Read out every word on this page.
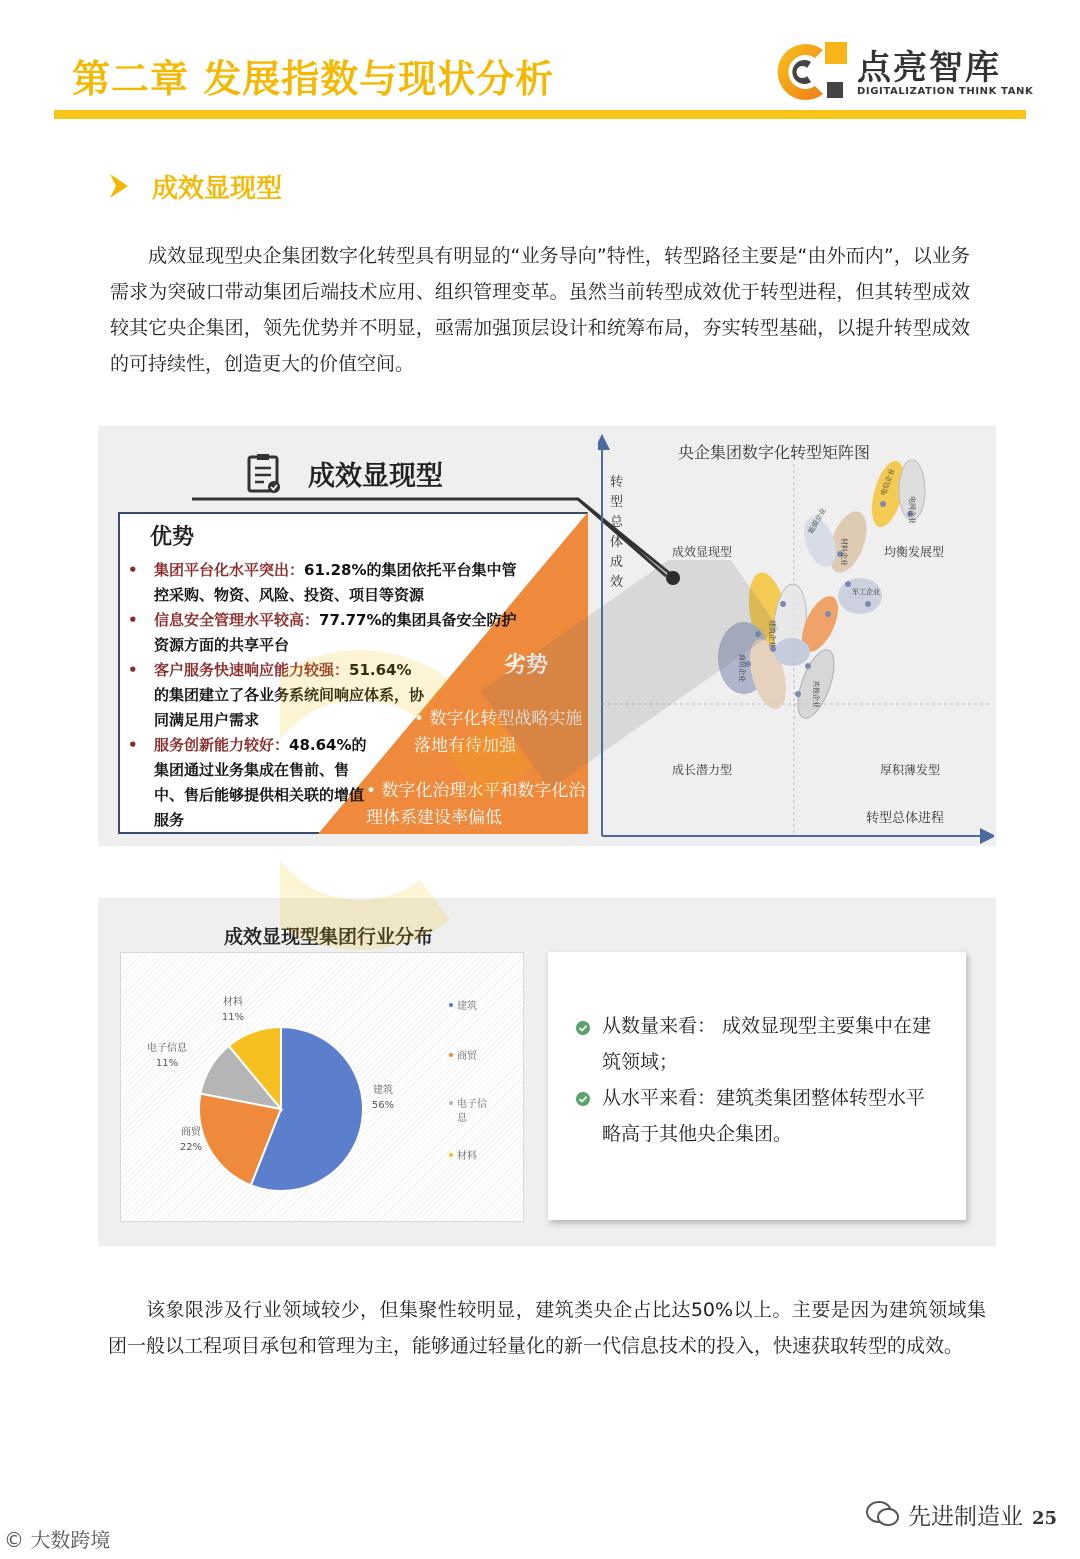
第二章 发展指数与现状分析	点亮智库
DIGITALIZATION THINK TANK
成效显现型

成效显现型央企集团数字化转型具有明显的“业务导向”特性，转型路径主要是“由外而内”，以业务需求为突破口带动集团后端技术应用、组织管理变革。虽然当前转型成效优于转型进程，但其转型成效较其它央企集团，领先优势并不明显，亟需加强顶层设计和统筹布局，夯实转型基础，以提升转型成效的可持续性，创造更大的价值空间。

成效显现型
优势
• 集团平台化水平突出：61.28%的集团依托平台集中管控采购、物资、风险、投资、项目等资源
• 信息安全管理水平较高：77.77%的集团具备安全防护资源方面的共享平台
• 客户服务快速响应能力较强：51.64%的集团建立了各业务系统间响应体系，协同满足用户需求
• 服务创新能力较好：48.64%的集团通过业务集成在售前、售中、售后能够提供相关联的增值服务
劣势
• 数字化转型战略实施落地有待加强
• 数字化治理水平和数字化治理体系建设率偏低
央企集团数字化转型矩阵图
成效显现型	均衡发展型
成长潜力型	厚积薄发型
转型总体进程
转
型
总
体
成
效
电信企业
电网企业
建筑企业
商贸企业
材料企业
其他企业
军工企业
能源企业
成效显现型集团行业分布
建筑
56%
商贸
22%
电子信息
11%
材料
11%
建筑
商贸
电子信
息
材料
从数量来看： 成效显现型主要集中在建筑领域；
从水平来看：建筑类集团整体转型水平略高于其他央企集团。

该象限涉及行业领域较少，但集聚性较明显，建筑类央企占比达50%以上。主要是因为建筑领域集团一般以工程项目承包和管理为主，能够通过轻量化的新一代信息技术的投入，快速获取转型的成效。

© 大数跨境
先进制造业 25
